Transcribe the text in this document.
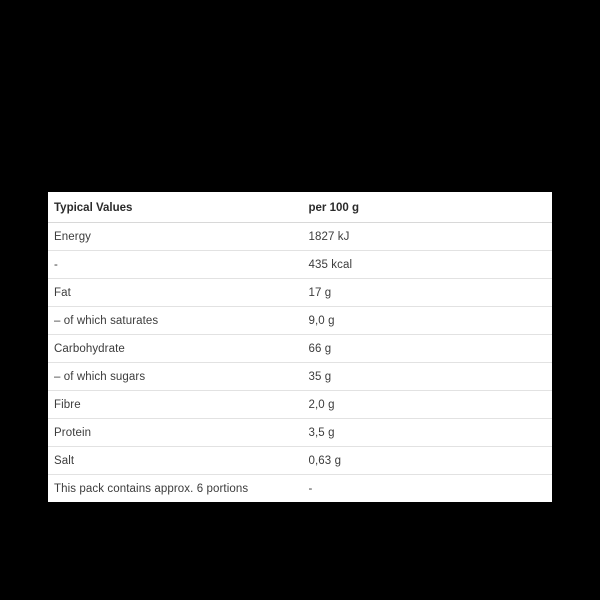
Typical Values	per 100 g
Energy	1827 kJ
-	435 kcal
Fat	17 g
– of which saturates	9,0 g
Carbohydrate	66 g
– of which sugars	35 g
Fibre	2,0 g
Protein	3,5 g
Salt	0,63 g
This pack contains approx. 6 portions	-
